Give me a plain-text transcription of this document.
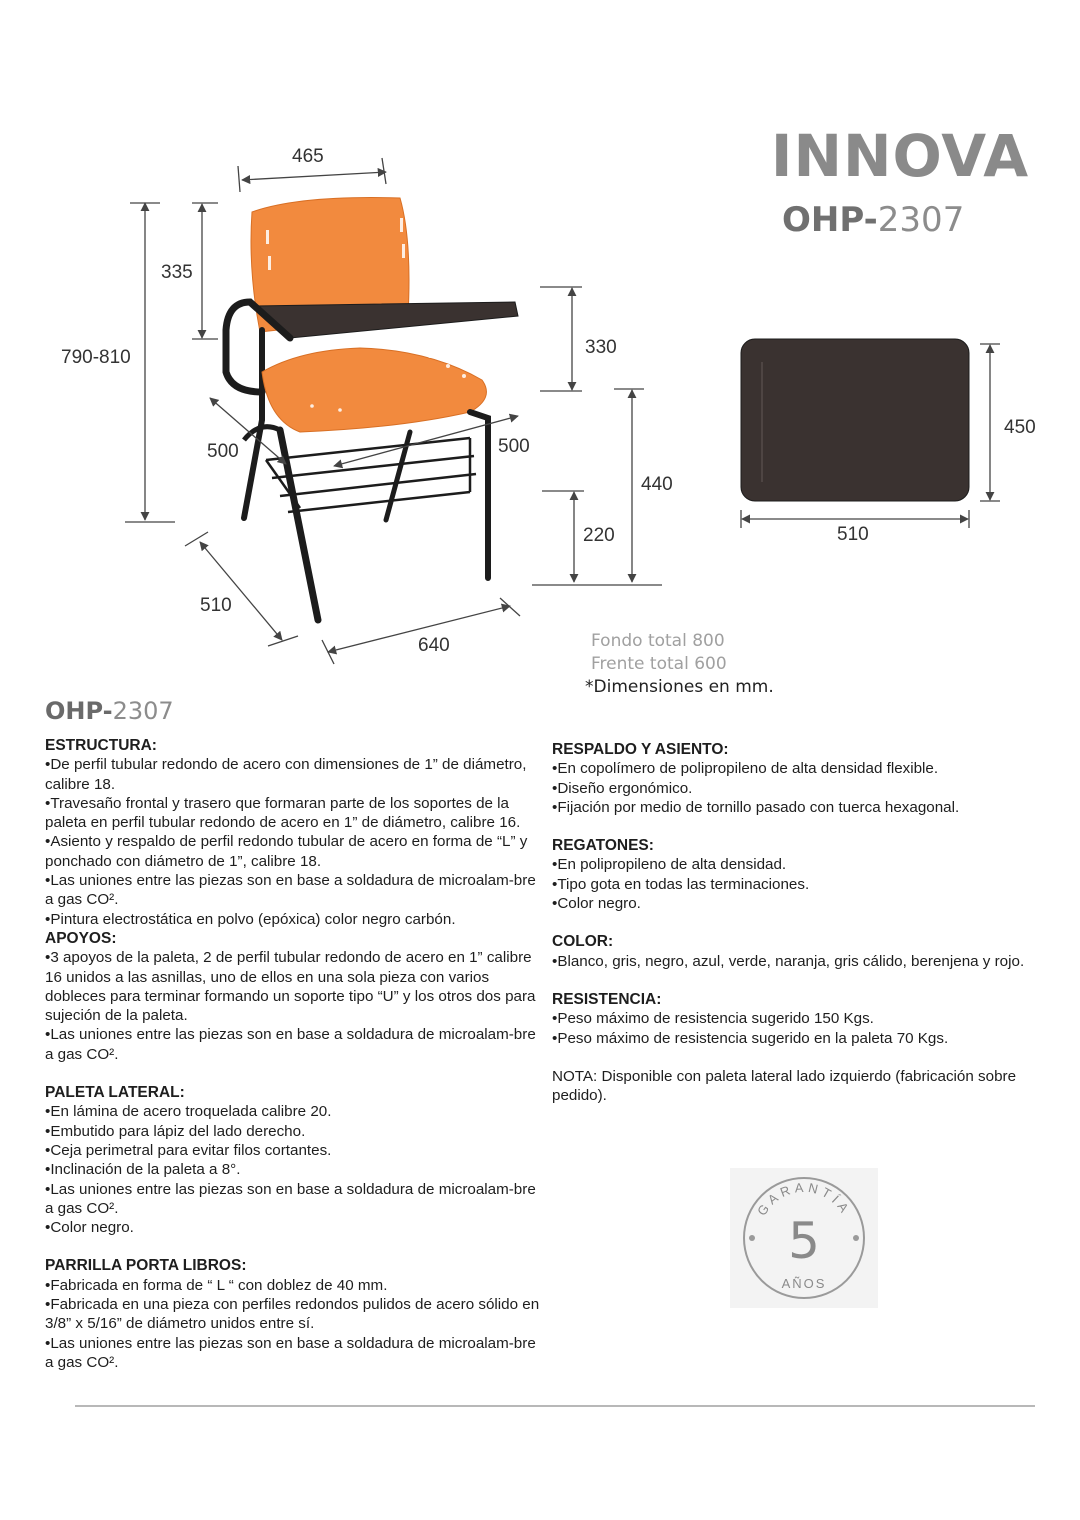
INNOVA
OHP-2307
465
335
790-810	330
500	500
440
220
510
640
450
510
Fondo total 800
Frente total 600
*Dimensiones en mm.
OHP-2307
ESTRUCTURA:

•De perfil tubular redondo de acero con dimensiones de 1” de diámetro, calibre 18.

•Travesaño frontal y trasero que formaran parte de los soportes de la paleta en perfil tubular redondo de acero en 1” de diámetro, calibre 16.

•Asiento y respaldo de perfil redondo tubular de acero en forma de “L” y ponchado con diámetro de 1”, calibre 18.

•Las uniones entre las piezas son en base a soldadura de microalam-bre a gas CO².

•Pintura electrostática en polvo (epóxica) color negro carbón.

APOYOS:

•3 apoyos de la paleta, 2 de perfil tubular redondo de acero en 1” calibre 16 unidos a las asnillas, uno de ellos en una sola pieza con varios dobleces para terminar formando un soporte tipo “U” y los otros dos para sujeción de la paleta.

•Las uniones entre las piezas son en base a soldadura de microalam-bre a gas CO².

PALETA LATERAL:

•En lámina de acero troquelada calibre 20.

•Embutido para lápiz del lado derecho.

•Ceja perimetral para evitar filos cortantes.

•Inclinación de la paleta a 8°.

•Las uniones entre las piezas son en base a soldadura de microalam-bre a gas CO².

•Color negro.

PARRILLA PORTA LIBROS:

•Fabricada en forma de “ L “ con doblez de 40 mm.

•Fabricada en una pieza con perfiles redondos pulidos de acero sólido en 3/8” x 5/16” de diámetro unidos entre sí.

•Las uniones entre las piezas son en base a soldadura de microalam-bre a gas CO².

RESPALDO Y ASIENTO:

•En copolímero de polipropileno de alta densidad flexible.

•Diseño ergonómico.

•Fijación por medio de tornillo pasado con tuerca hexagonal.

REGATONES:

•En polipropileno de alta densidad.

•Tipo gota en todas las terminaciones.

•Color negro.

COLOR:

•Blanco, gris, negro, azul, verde, naranja, gris cálido, berenjena y rojo.

RESISTENCIA:

•Peso máximo de resistencia sugerido 150 Kgs.

•Peso máximo de resistencia sugerido en la paleta 70 Kgs.

NOTA: Disponible con paleta lateral lado izquierdo (fabricación sobre pedido).

GARANTÍA
5
AÑOS
